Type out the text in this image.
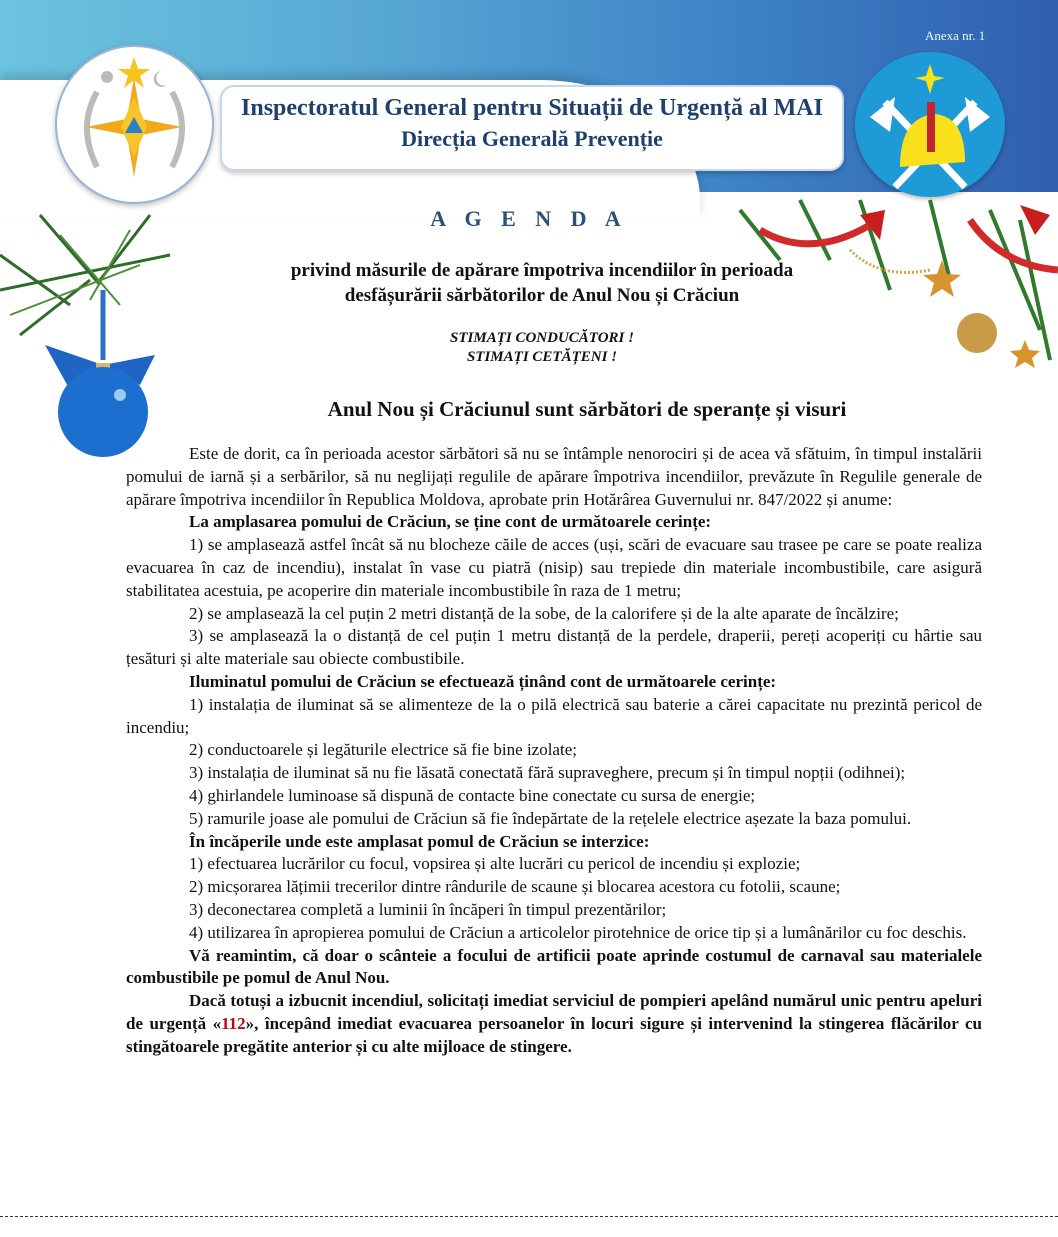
Anexa nr. 1
Inspectoratul General pentru Situații de Urgență al MAI
Direcția Generală Prevenție
A G E N D A
privind măsurile de apărare împotriva incendiilor în perioada
desfășurării sărbătorilor de Anul Nou și Crăciun
STIMAȚI CONDUCĂTORI !
STIMAȚI CETĂȚENI !
Anul Nou și Crăciunul sunt sărbători de speranțe și visuri

Este de dorit, ca în perioada acestor sărbători să nu se întâmple nenorociri și de acea vă sfătuim, în timpul instalării pomului de iarnă și a serbărilor, să nu neglijați regulile de apărare împotriva incendiilor, prevăzute în Regulile generale de apărare împotriva incendiilor în Republica Moldova, aprobate prin Hotărârea Guvernului nr. 847/2022 și anume:

La amplasarea pomului de Crăciun, se ține cont de următoarele cerințe:

1) se amplasează astfel încât să nu blocheze căile de acces (uși, scări de evacuare sau trasee pe care se poate realiza evacuarea în caz de incendiu), instalat în vase cu piatră (nisip) sau trepiede din materiale incombustibile, care asigură stabilitatea acestuia, pe acoperire din materiale incombustibile în raza de 1 metru;

2) se amplasează la cel puțin 2 metri distanță de la sobe, de la calorifere și de la alte aparate de încălzire;

3) se amplasează la o distanță de cel puțin 1 metru distanță de la perdele, draperii, pereți acoperiți cu hârtie sau țesături și alte materiale sau obiecte combustibile.

Iluminatul pomului de Crăciun se efectuează ținând cont de următoarele cerințe:

1) instalația de iluminat să se alimenteze de la o pilă electrică sau baterie a cărei capacitate nu prezintă pericol de incendiu;

2) conductoarele și legăturile electrice să fie bine izolate;

3) instalația de iluminat să nu fie lăsată conectată fără supraveghere, precum și în timpul nopții (odihnei);

4) ghirlandele luminoase să dispună de contacte bine conectate cu sursa de energie;

5) ramurile joase ale pomului de Crăciun să fie îndepărtate de la rețelele electrice așezate la baza pomului.

În încăperile unde este amplasat pomul de Crăciun se interzice:

1) efectuarea lucrărilor cu focul, vopsirea și alte lucrări cu pericol de incendiu și explozie;

2) micșorarea lățimii trecerilor dintre rândurile de scaune și blocarea acestora cu fotolii, scaune;

3) deconectarea completă a luminii în încăperi în timpul prezentărilor;

4) utilizarea în apropierea pomului de Crăciun a articolelor pirotehnice de orice tip și a lumânărilor cu foc deschis.

Vă reamintim, că doar o scânteie a focului de artificii poate aprinde costumul de carnaval sau materialele combustibile pe pomul de Anul Nou.

Dacă totuși a izbucnit incendiul, solicitați imediat serviciul de pompieri apelând numărul unic pentru apeluri de urgență «112», începând imediat evacuarea persoanelor în locuri sigure și intervenind la stingerea flăcărilor cu stingătoarele pregătite anterior și cu alte mijloace de stingere.
